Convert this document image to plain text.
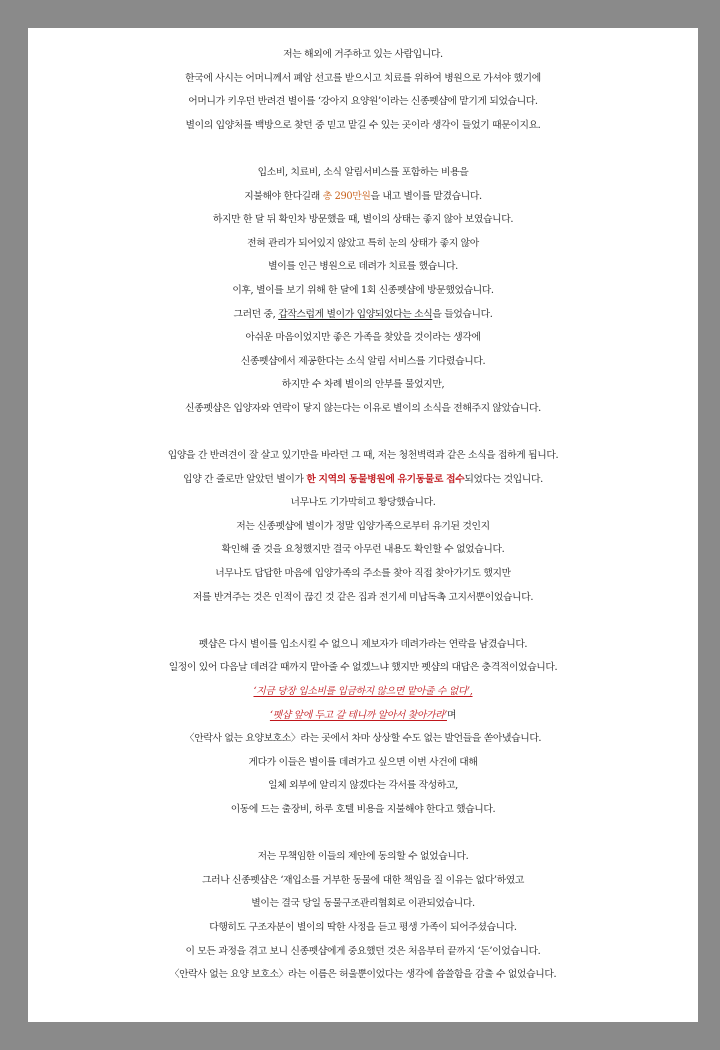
저는 해외에 거주하고 있는 사람입니다.
한국에 사시는 어머니께서 폐암 선고를 받으시고 치료를 위하여 병원으로 가셔야 했기에
어머니가 키우던 반려견 별이를 ‘강아지 요양원’이라는 신종펫샵에 맡기게 되었습니다.
별이의 입양처를 백방으로 찾던 중 믿고 맡길 수 있는 곳이라 생각이 들었기 때문이지요.
입소비, 치료비, 소식 알림서비스를 포함하는 비용을
지불해야 한다길래 총 290만원을 내고 별이를 맡겼습니다.
하지만 한 달 뒤 확인차 방문했을 때, 별이의 상태는 좋지 않아 보였습니다.
전혀 관리가 되어있지 않았고 특히 눈의 상태가 좋지 않아
별이를 인근 병원으로 데려가 치료를 했습니다.
이후, 별이를 보기 위해 한 달에 1회 신종펫샵에 방문했었습니다.
그러던 중, 갑작스럽게 별이가 입양되었다는 소식을 들었습니다.
아쉬운 마음이었지만 좋은 가족을 찾았을 것이라는 생각에
신종펫샵에서 제공한다는 소식 알림 서비스를 기다렸습니다.
하지만 수 차례 별이의 안부를 물었지만,
신종펫샵은 입양자와 연락이 닿지 않는다는 이유로 별이의 소식을 전해주지 않았습니다.
입양을 간 반려견이 잘 살고 있기만을 바라던 그 때, 저는 청천벽력과 같은 소식을 접하게 됩니다.
입양 간 줄로만 알았던 별이가 한 지역의 동물병원에 유기동물로 접수되었다는 것입니다.
너무나도 기가막히고 황당했습니다.
저는 신종펫샵에 별이가 정말 입양가족으로부터 유기된 것인지
확인해 줄 것을 요청했지만 결국 아무런 내용도 확인할 수 없었습니다.
너무나도 답답한 마음에 입양가족의 주소를 찾아 직접 찾아가기도 했지만
저를 반겨주는 것은 인적이 끊긴 것 같은 집과 전기세 미납독촉 고지서뿐이었습니다.
펫샵은 다시 별이를 입소시킬 수 없으니 제보자가 데려가라는 연락을 남겼습니다.
일정이 있어 다음날 데려갈 때까지 맡아줄 수 없겠느냐 했지만 펫샵의 대답은 충격적이었습니다.
‘지금 당장 입소비를 입금하지 않으면 맡아줄 수 없다’,
‘펫샵 앞에 두고 갈 테니까 알아서 찾아가라’며
〈안락사 없는 요양보호소〉라는 곳에서 차마 상상할 수도 없는 발언들을 쏟아냈습니다.
게다가 이들은 별이를 데려가고 싶으면 이번 사건에 대해
일체 외부에 알리지 않겠다는 각서를 작성하고,
이동에 드는 출장비, 하루 호텔 비용을 지불해야 한다고 했습니다.
저는 무책임한 이들의 제안에 동의할 수 없었습니다.
그러나 신종펫샵은 ‘재입소를 거부한 동물에 대한 책임을 질 이유는 없다’하였고
별이는 결국 당일 동물구조관리협회로 이관되었습니다.
다행히도 구조자분이 별이의 딱한 사정을 듣고 평생 가족이 되어주셨습니다.
이 모든 과정을 겪고 보니 신종펫샵에게 중요했던 것은 처음부터 끝까지 ‘돈’이었습니다.
〈안락사 없는 요양 보호소〉라는 이름은 허울뿐이었다는 생각에 씁쓸함을 감출 수 없었습니다.
